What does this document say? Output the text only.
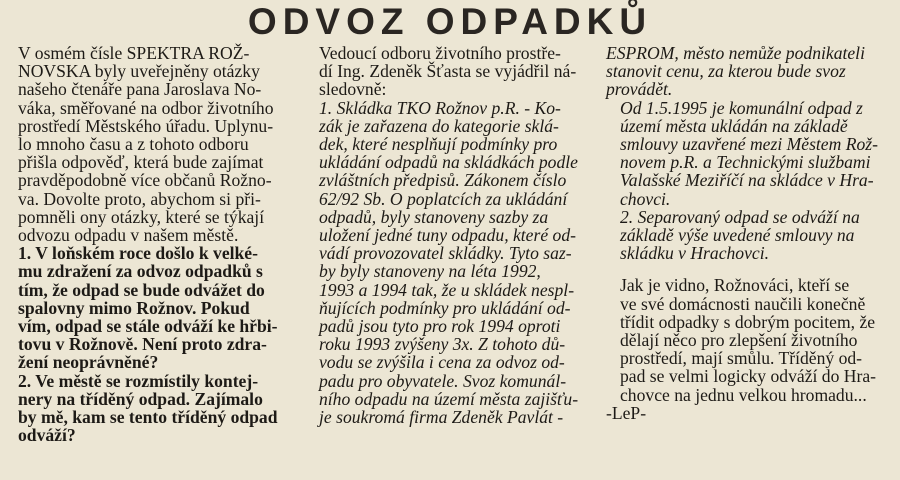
ODVOZ ODPADKŮ

V osmém čísle SPEKTRA ROŽ-
NOVSKA byly uveřejněny otázky
našeho čtenáře pana Jaroslava No-
váka, směřované na odbor životního
prostředí Městského úřadu. Uplynu-
lo mnoho času a z tohoto odboru
přišla odpověď, která bude zajímat
pravděpodobně více občanů Rožno-
va. Dovolte proto, abychom si při-
pomněli ony otázky, které se týkají
odvozu odpadu v našem městě.

1. V loňském roce došlo k velké-
mu zdražení za odvoz odpadků s
tím, že odpad se bude odvážet do
spalovny mimo Rožnov. Pokud
vím, odpad se stále odváží ke hřbi-
tovu v Rožnově. Není proto zdra-
žení neoprávněné?

2. Ve městě se rozmístily kontej-
nery na tříděný odpad. Zajímalo
by mě, kam se tento tříděný odpad
odváží?

Vedoucí odboru životního prostře-
dí Ing. Zdeněk Šťasta se vyjádřil ná-
sledovně:

1. Skládka TKO Rožnov p.R. - Ko-
zák je zařazena do kategorie sklá-
dek, které nesplňují podmínky pro
ukládání odpadů na skládkách podle
zvláštních předpisů. Zákonem číslo
62/92 Sb. O poplatcích za ukládání
odpadů, byly stanoveny sazby za
uložení jedné tuny odpadu, které od-
vádí provozovatel skládky. Tyto saz-
by byly stanoveny na léta 1992,
1993 a 1994 tak, že u skládek nespl-
ňujících podmínky pro ukládání od-
padů jsou tyto pro rok 1994 oproti
roku 1993 zvýšeny 3x. Z tohoto dů-
vodu se zvýšila i cena za odvoz od-
padu pro obyvatele. Svoz komunál-
ního odpadu na území města zajišťu-
je soukromá firma Zdeněk Pavlát -

ESPROM, město nemůže podnikateli
stanovit cenu, za kterou bude svoz
provádět.

Od 1.5.1995 je komunální odpad z
území města ukládán na základě
smlouvy uzavřené mezi Městem Rož-
novem p.R. a Technickými službami
Valašské Meziříčí na skládce v Hra-
chovci.

2. Separovaný odpad se odváží na
základě výše uvedené smlouvy na
skládku v Hrachovci.

Jak je vidno, Rožnováci, kteří se
ve své domácnosti naučili konečně
třídit odpadky s dobrým pocitem, že
dělají něco pro zlepšení životního
prostředí, mají smůlu. Tříděný od-
pad se velmi logicky odváží do Hra-
chovce na jednu velkou hromadu...

-LeP-
